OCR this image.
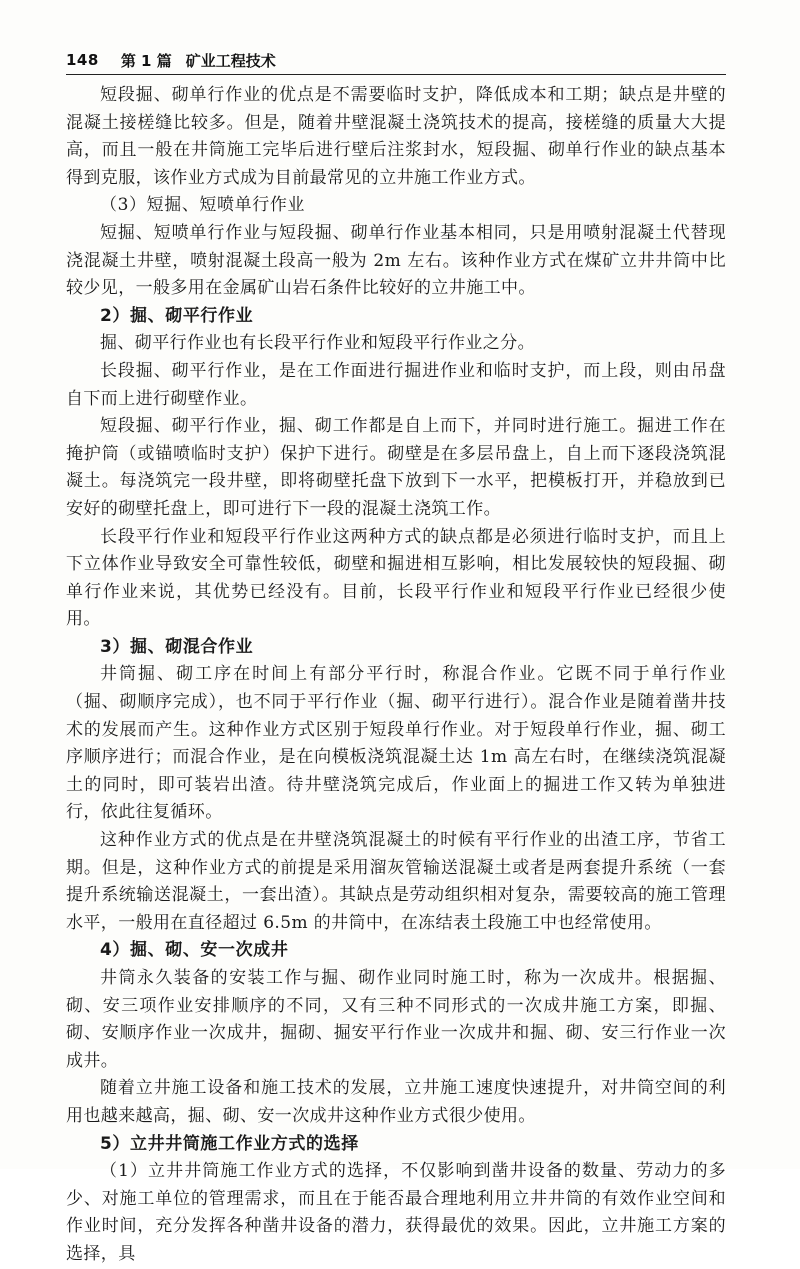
148 第 1 篇 矿业工程技术

短段掘、砌单行作业的优点是不需要临时支护，降低成本和工期；缺点是井壁的混凝土接槎缝比较多。但是，随着井壁混凝土浇筑技术的提高，接槎缝的质量大大提高，而且一般在井筒施工完毕后进行壁后注浆封水，短段掘、砌单行作业的缺点基本得到克服，该作业方式成为目前最常见的立井施工作业方式。

（3）短掘、短喷单行作业

短掘、短喷单行作业与短段掘、砌单行作业基本相同，只是用喷射混凝土代替现浇混凝土井壁，喷射混凝土段高一般为 2m 左右。该种作业方式在煤矿立井井筒中比较少见，一般多用在金属矿山岩石条件比较好的立井施工中。

2）掘、砌平行作业

掘、砌平行作业也有长段平行作业和短段平行作业之分。

长段掘、砌平行作业，是在工作面进行掘进作业和临时支护，而上段，则由吊盘自下而上进行砌壁作业。

短段掘、砌平行作业，掘、砌工作都是自上而下，并同时进行施工。掘进工作在掩护筒（或锚喷临时支护）保护下进行。砌壁是在多层吊盘上，自上而下逐段浇筑混凝土。每浇筑完一段井壁，即将砌壁托盘下放到下一水平，把模板打开，并稳放到已安好的砌壁托盘上，即可进行下一段的混凝土浇筑工作。

长段平行作业和短段平行作业这两种方式的缺点都是必须进行临时支护，而且上下立体作业导致安全可靠性较低，砌壁和掘进相互影响，相比发展较快的短段掘、砌单行作业来说，其优势已经没有。目前，长段平行作业和短段平行作业已经很少使用。

3）掘、砌混合作业

井筒掘、砌工序在时间上有部分平行时，称混合作业。它既不同于单行作业（掘、砌顺序完成），也不同于平行作业（掘、砌平行进行）。混合作业是随着凿井技术的发展而产生。这种作业方式区别于短段单行作业。对于短段单行作业，掘、砌工序顺序进行；而混合作业，是在向模板浇筑混凝土达 1m 高左右时，在继续浇筑混凝土的同时，即可装岩出渣。待井壁浇筑完成后，作业面上的掘进工作又转为单独进行，依此往复循环。

这种作业方式的优点是在井壁浇筑混凝土的时候有平行作业的出渣工序，节省工期。但是，这种作业方式的前提是采用溜灰管输送混凝土或者是两套提升系统（一套提升系统输送混凝土，一套出渣）。其缺点是劳动组织相对复杂，需要较高的施工管理水平，一般用在直径超过 6.5m 的井筒中，在冻结表土段施工中也经常使用。

4）掘、砌、安一次成井

井筒永久装备的安装工作与掘、砌作业同时施工时，称为一次成井。根据掘、砌、安三项作业安排顺序的不同，又有三种不同形式的一次成井施工方案，即掘、砌、安顺序作业一次成井，掘砌、掘安平行作业一次成井和掘、砌、安三行作业一次成井。

随着立井施工设备和施工技术的发展，立井施工速度快速提升，对井筒空间的利用也越来越高，掘、砌、安一次成井这种作业方式很少使用。

5）立井井筒施工作业方式的选择

（1）立井井筒施工作业方式的选择，不仅影响到凿井设备的数量、劳动力的多少、对施工单位的管理需求，而且在于能否最合理地利用立井井筒的有效作业空间和作业时间，充分发挥各种凿井设备的潜力，获得最优的效果。因此，立井施工方案的选择，具
